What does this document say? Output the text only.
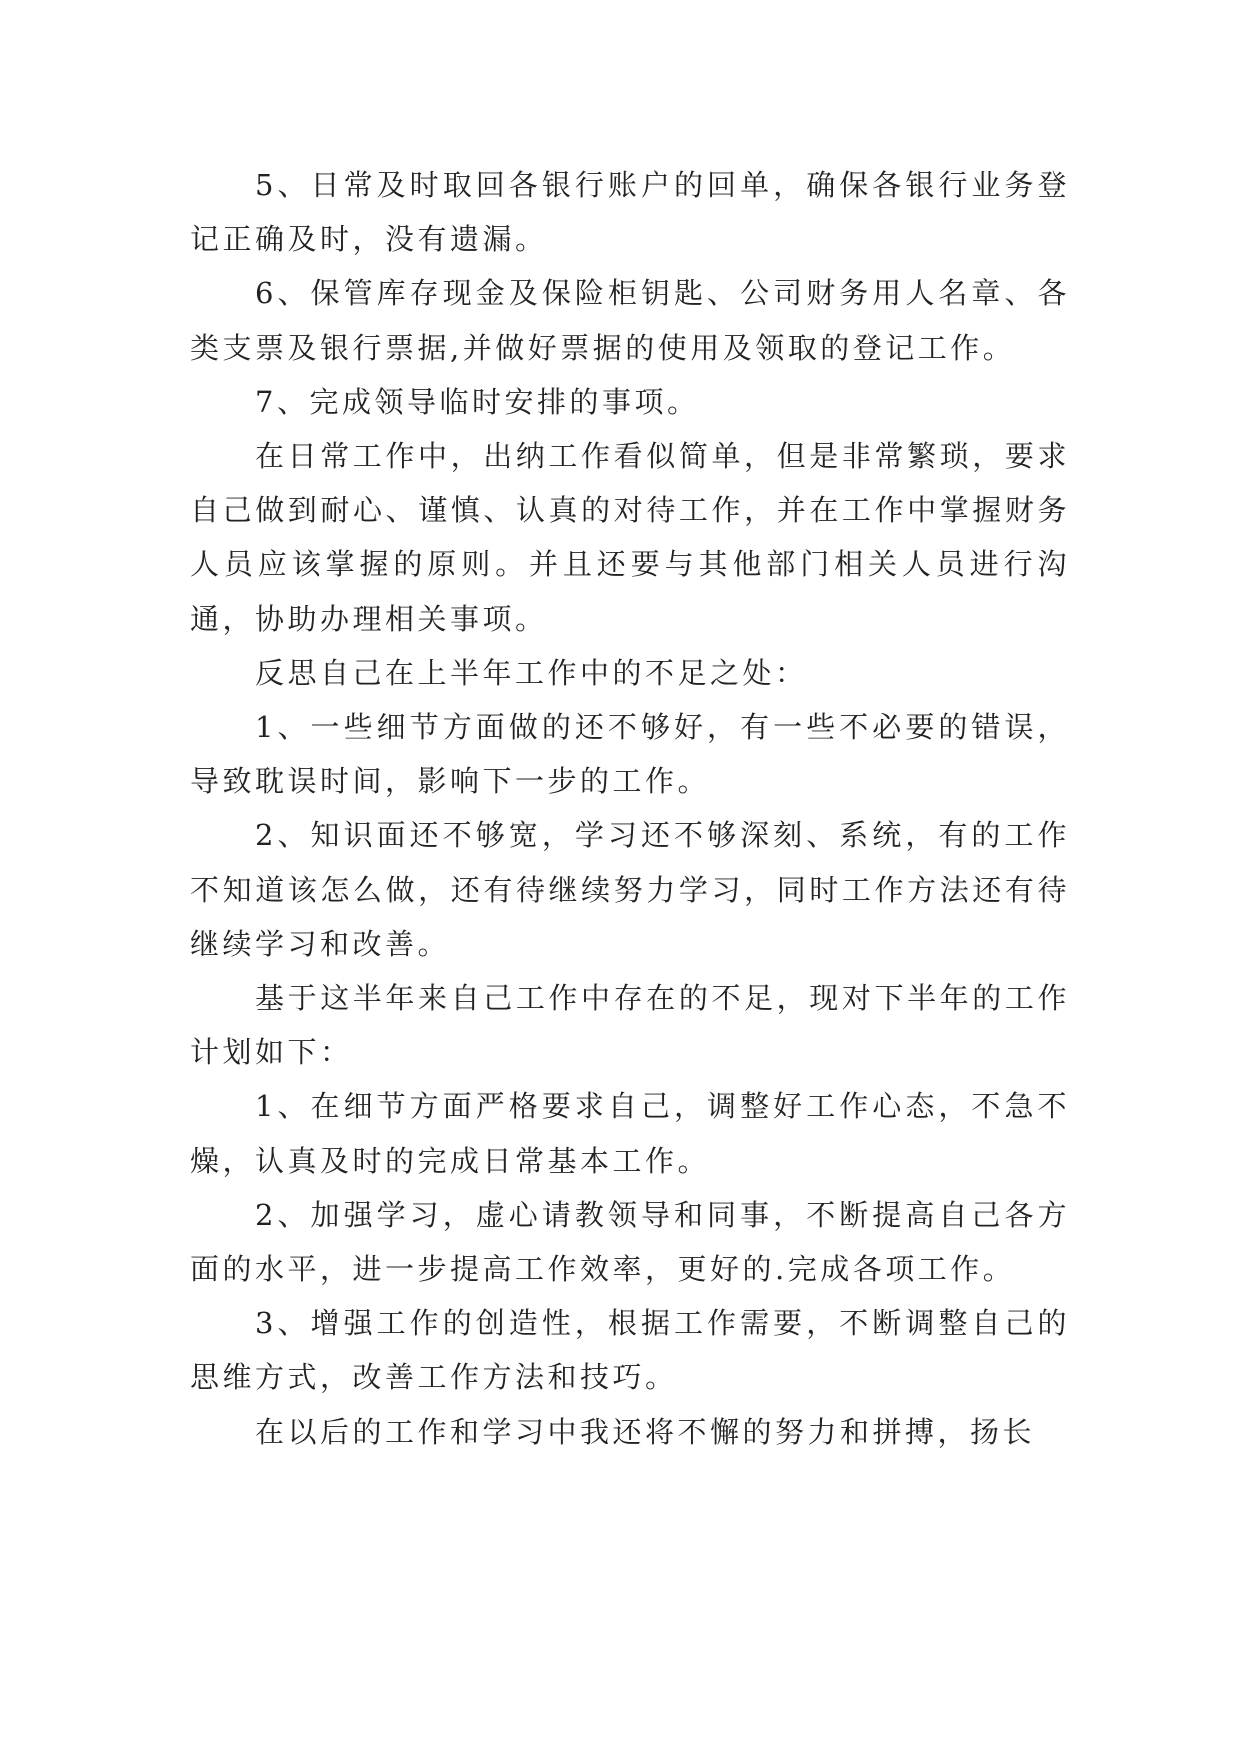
5、日常及时取回各银行账户的回单，确保各银行业务登记正确及时，没有遗漏。

6、保管库存现金及保险柜钥匙、公司财务用人名章、各类支票及银行票据,并做好票据的使用及领取的登记工作。

7、完成领导临时安排的事项。

在日常工作中，出纳工作看似简单，但是非常繁琐，要求自己做到耐心、谨慎、认真的对待工作，并在工作中掌握财务人员应该掌握的原则。并且还要与其他部门相关人员进行沟通，协助办理相关事项。

反思自己在上半年工作中的不足之处：

1、一些细节方面做的还不够好，有一些不必要的错误，导致耽误时间，影响下一步的工作。

2、知识面还不够宽，学习还不够深刻、系统，有的工作不知道该怎么做，还有待继续努力学习，同时工作方法还有待继续学习和改善。

基于这半年来自己工作中存在的不足，现对下半年的工作计划如下：

1、在细节方面严格要求自己，调整好工作心态，不急不燥，认真及时的完成日常基本工作。

2、加强学习，虚心请教领导和同事，不断提高自己各方面的水平，进一步提高工作效率，更好的.完成各项工作。

3、增强工作的创造性，根据工作需要，不断调整自己的思维方式，改善工作方法和技巧。

在以后的工作和学习中我还将不懈的努力和拼搏，扬长
